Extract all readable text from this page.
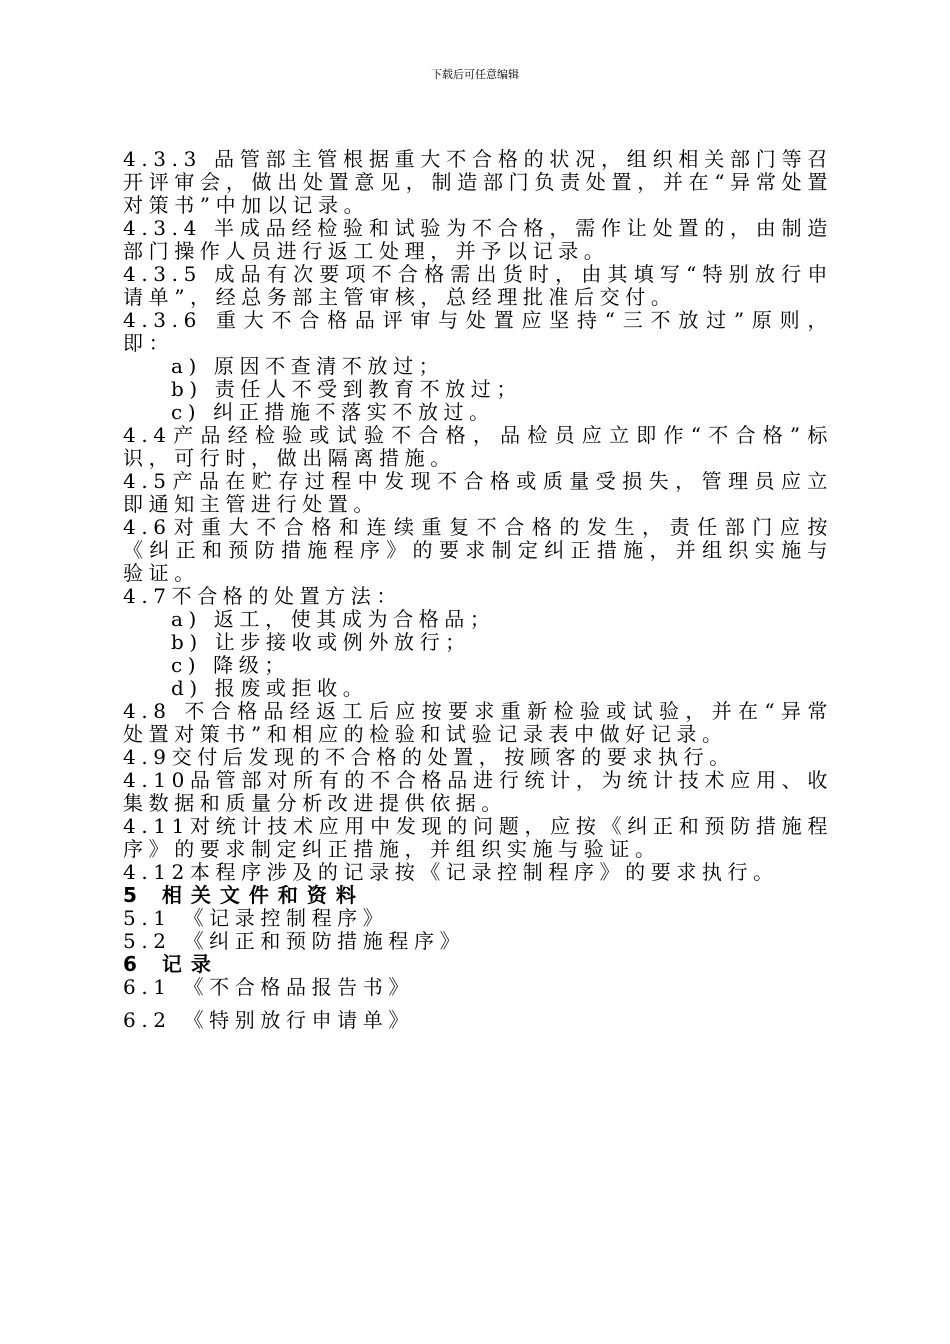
下载后可任意编辑

4.3.3 品管部主管根据重大不合格的状况，组织相关部门等召开评审会，做出处置意见，制造部门负责处置，并在“异常处置对策书”中加以记录。

4.3.4 半成品经检验和试验为不合格，需作让处置的，由制造部门操作人员进行返工处理，并予以记录。

4.3.5 成品有次要项不合格需出货时，由其填写“特别放行申请单”，经总务部主管审核，总经理批准后交付。

4.3.6 重大不合格品评审与处置应坚持“三不放过”原则，即：

a) 原因不查清不放过；

b) 责任人不受到教育不放过；

c) 纠正措施不落实不放过。

4.4产品经检验或试验不合格，品检员应立即作“不合格”标识，可行时，做出隔离措施。

4.5产品在贮存过程中发现不合格或质量受损失，管理员应立即通知主管进行处置。

4.6对重大不合格和连续重复不合格的发生，责任部门应按《纠正和预防措施程序》的要求制定纠正措施，并组织实施与验证。

4.7不合格的处置方法：

a) 返工，使其成为合格品；

b) 让步接收或例外放行；

c) 降级；

d) 报废或拒收。

4.8 不合格品经返工后应按要求重新检验或试验，并在“异常处置对策书”和相应的检验和试验记录表中做好记录。

4.9交付后发现的不合格的处置，按顾客的要求执行。

4.10品管部对所有的不合格品进行统计，为统计技术应用、收集数据和质量分析改进提供依据。

4.11对统计技术应用中发现的问题，应按《纠正和预防措施程序》的要求制定纠正措施，并组织实施与验证。

4.12本程序涉及的记录按《记录控制程序》的要求执行。

5 相关文件和资料

5.1 《记录控制程序》

5.2 《纠正和预防措施程序》

6 记录

6.1 《不合格品报告书》

6.2 《特别放行申请单》
